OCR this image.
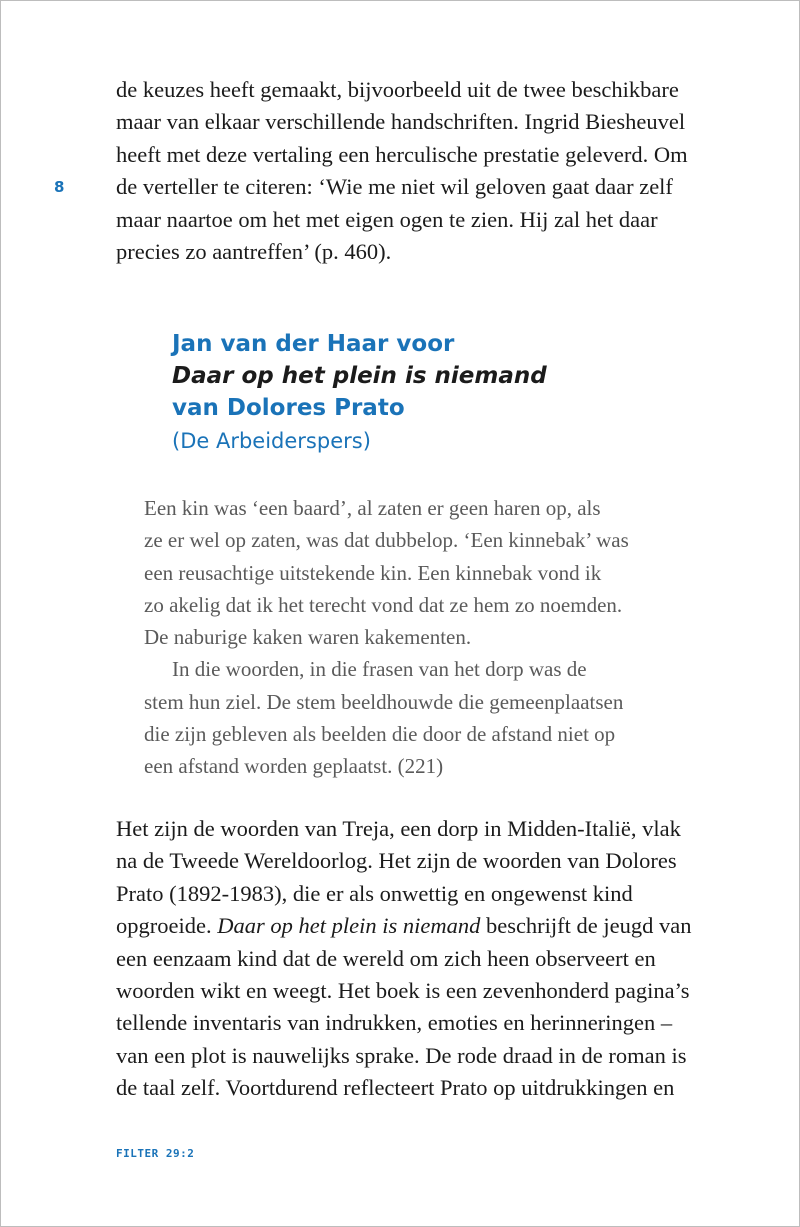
8
de keuzes heeft gemaakt, bijvoorbeeld uit de twee beschikbare
maar van elkaar verschillende handschriften. Ingrid Biesheuvel
heeft met deze vertaling een herculische prestatie geleverd. Om
de verteller te citeren: ‘Wie me niet wil geloven gaat daar zelf
maar naartoe om het met eigen ogen te zien. Hij zal het daar
precies zo aantreffen’ (p. 460).
Jan van der Haar voor
Daar op het plein is niemand
van Dolores Prato
(De Arbeiderspers)
Een kin was ‘een baard’, al zaten er geen haren op, als
ze er wel op zaten, was dat dubbelop. ‘Een kinnebak’ was
een reusachtige uitstekende kin. Een kinnebak vond ik
zo akelig dat ik het terecht vond dat ze hem zo noemden.
De naburige kaken waren kakementen.
In die woorden, in die frasen van het dorp was de
stem hun ziel. De stem beeldhouwde die gemeenplaatsen
die zijn gebleven als beelden die door de afstand niet op
een afstand worden geplaatst. (221)
Het zijn de woorden van Treja, een dorp in Midden-Italië, vlak
na de Tweede Wereldoorlog. Het zijn de woorden van Dolores
Prato (1892-1983), die er als onwettig en ongewenst kind
opgroeide. Daar op het plein is niemand beschrijft de jeugd van
een eenzaam kind dat de wereld om zich heen observeert en
woorden wikt en weegt. Het boek is een zevenhonderd pagina’s
tellende inventaris van indrukken, emoties en herinneringen –
van een plot is nauwelijks sprake. De rode draad in de roman is
de taal zelf. Voortdurend reflecteert Prato op uitdrukkingen en
FILTER 29:2
